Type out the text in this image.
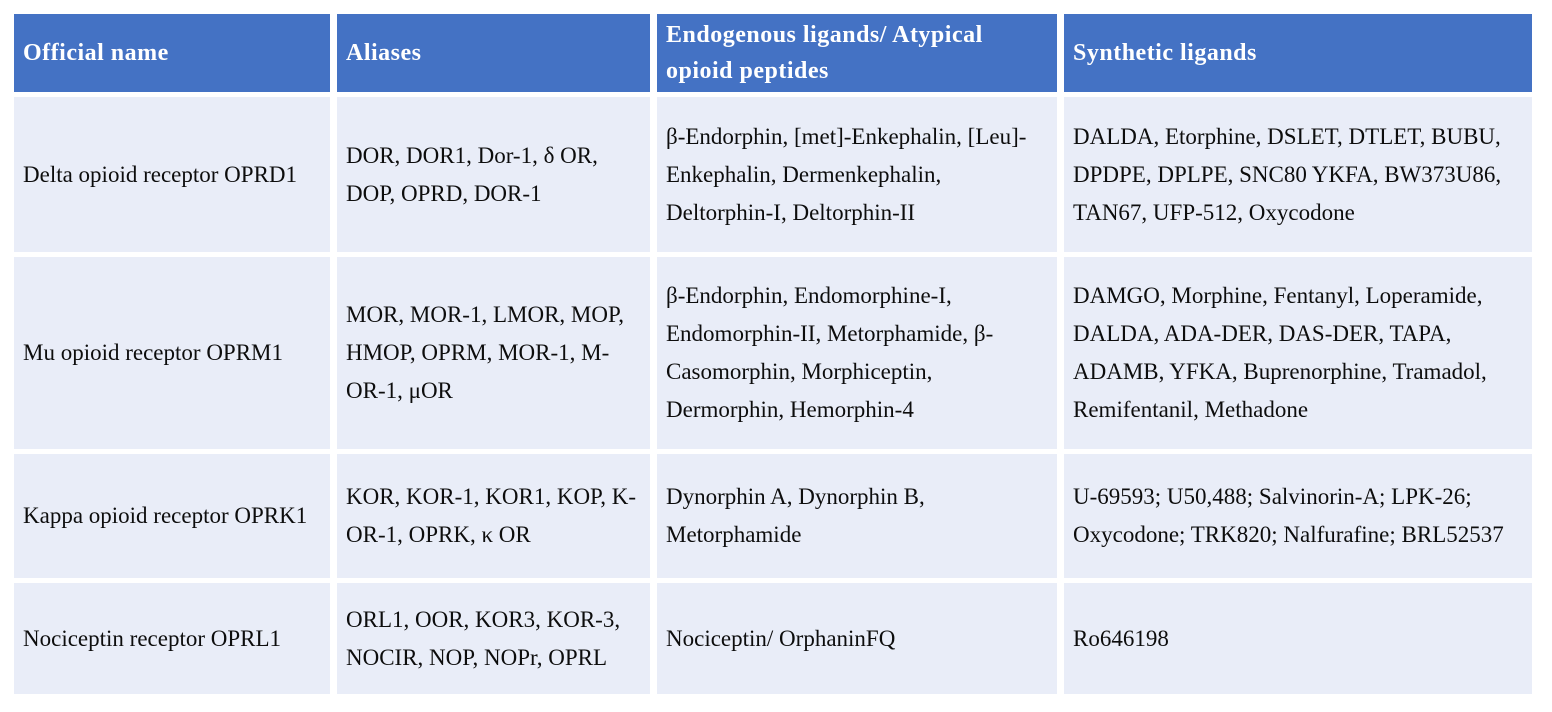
Official name	Aliases	Endogenous ligands/ Atypical opioid peptides	Synthetic ligands
Delta opioid receptor OPRD1	DOR, DOR1, Dor-1, δ OR, DOP, OPRD, DOR-1	β-Endorphin, [met]-Enkephalin, [Leu]-Enkephalin, Dermenkephalin, Deltorphin-I, Deltorphin-II	DALDA, Etorphine, DSLET, DTLET, BUBU, DPDPE, DPLPE, SNC80 YKFA, BW373U86, TAN67, UFP-512, Oxycodone
Mu opioid receptor OPRM1	MOR, MOR-1, LMOR, MOP, HMOP, OPRM, MOR-1, M-OR-1, μOR	β-Endorphin, Endomorphine-I, Endomorphin-II, Metorphamide, β-Casomorphin, Morphiceptin, Dermorphin, Hemorphin-4	DAMGO, Morphine, Fentanyl, Loperamide, DALDA, ADA-DER, DAS-DER, TAPA, ADAMB, YFKA, Buprenorphine, Tramadol, Remifentanil, Methadone
Kappa opioid receptor OPRK1	KOR, KOR-1, KOR1, KOP, K-OR-1, OPRK, κ OR	Dynorphin A, Dynorphin B, Metorphamide	U-69593; U50,488; Salvinorin-A; LPK-26; Oxycodone; TRK820; Nalfurafine; BRL52537
Nociceptin receptor OPRL1	ORL1, OOR, KOR3, KOR-3, NOCIR, NOP, NOPr, OPRL	Nociceptin/ OrphaninFQ	Ro646198
